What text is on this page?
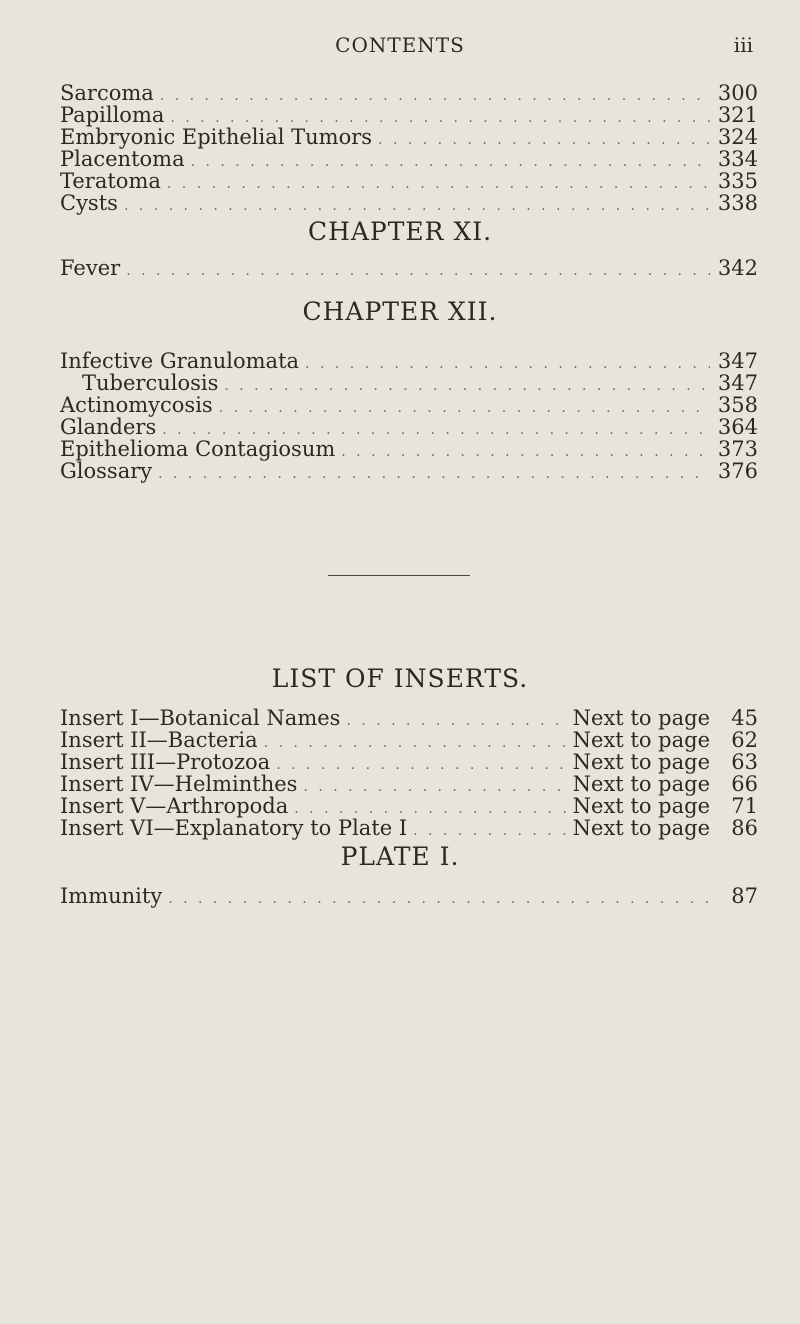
CONTENTS	iii
Sarcoma . . .	300
Papilloma . . .	321
Embryonic Epithelial Tumors . . .	324
Placentoma . . .	334
Teratoma . . .	335
Cysts . . .	338
CHAPTER XI.
Fever . . .	342
CHAPTER XII.
Infective Granulomata . . .	347
Tuberculosis . . .	347
Actinomycosis . . .	358
Glanders . . .	364
Epithelioma Contagiosum . . .	373
Glossary . . .	376
LIST OF INSERTS.
Insert I—Botanical Names . . .	Next to page	45
Insert II—Bacteria . . .	Next to page	62
Insert III—Protozoa . . .	Next to page	63
Insert IV—Helminthes . . .	Next to page	66
Insert V—Arthropoda . . .	Next to page	71
Insert VI—Explanatory to Plate I . . .	Next to page	86
PLATE I.
Immunity . . .	87
